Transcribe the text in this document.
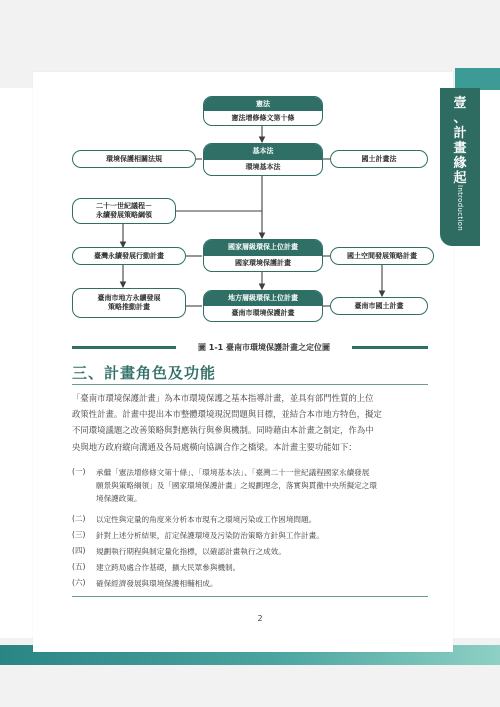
壹
、
計
畫
緣
起
Introduction
憲法
憲法增修條文第十條
基本法
環境基本法
環境保護相關法規	國土計畫法
二十一世紀議程－
永續發展策略綱領
臺灣永續發展行動計畫
國家層級環保上位計畫
國家環境保護計畫
國土空間發展策略計畫
臺南市地方永續發展
策略推動計畫
地方層級環保上位計畫
臺南市環境保護計畫
臺南市國土計畫
圖 1-1 臺南市環境保護計畫之定位圖
三、計畫角色及功能
「臺南市環境保護計畫」為本市環境保護之基本指導計畫，並具有部門性質的上位
政策性計畫。計畫中提出本市整體環境現況問題與目標，並結合本市地方特色，擬定
不同環境議題之改善策略與對應執行與參與機制。同時藉由本計畫之制定，作為中
央與地方政府縱向溝通及各局處橫向協調合作之橋梁。本計畫主要功能如下：
(一) 承繼「憲法增修條文第十條」、「環境基本法」、「臺灣二十一世紀議程國家永續發展
願景與策略綱領」及「國家環境保護計畫」之規劃理念，落實與貫徹中央所擬定之環
境保護政策。
(二) 以定性與定量的角度來分析本市現有之環境污染或工作困境問題。
(三) 針對上述分析結果，訂定保護環境及污染防治策略方針與工作計畫。
(四) 規劃執行期程與制定量化指標，以確認計畫執行之成效。
(五) 建立跨局處合作基礎，擴大民眾參與機制。
(六) 確保經濟發展與環境保護相輔相成。
2
